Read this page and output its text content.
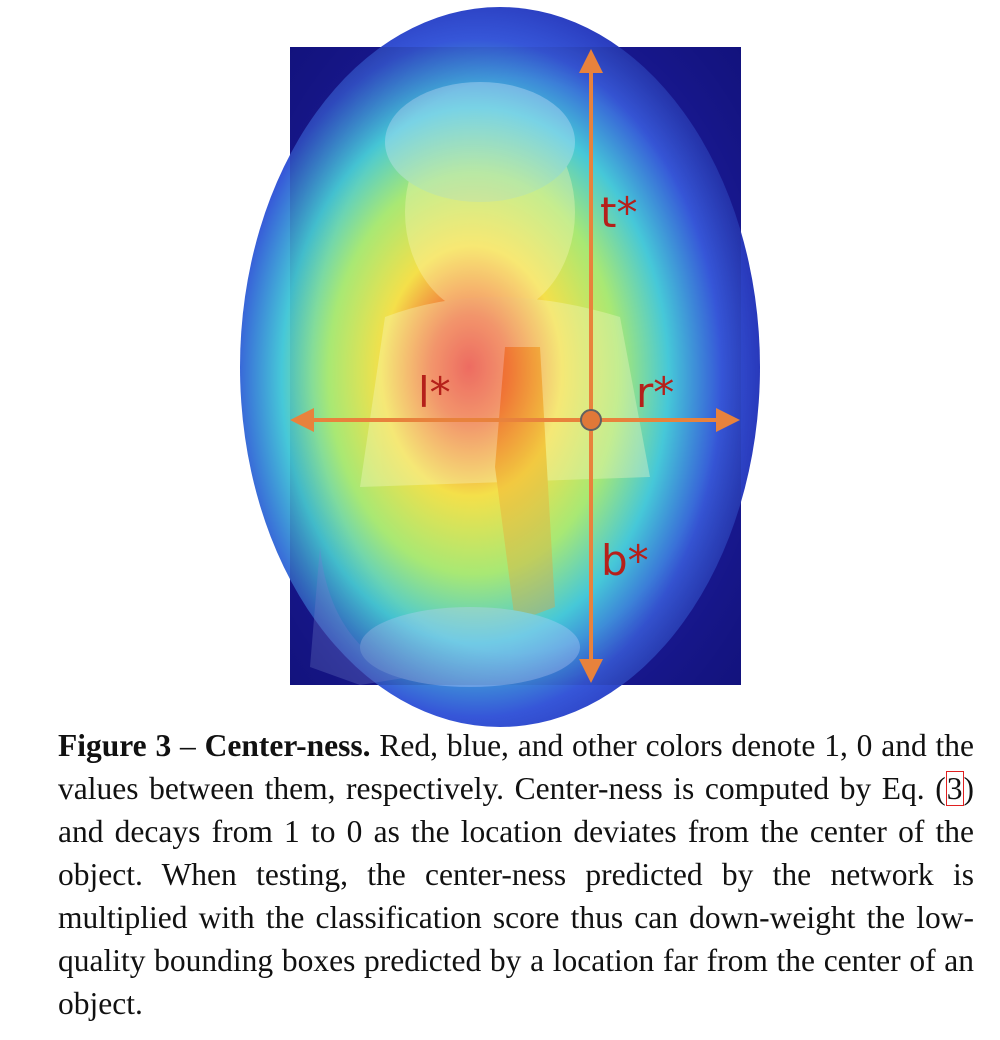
t*
l*	r*
b*

Figure 3 – Center-ness. Red, blue, and other colors denote 1, 0 and the values between them, respectively. Center-ness is computed by Eq. (3) and decays from 1 to 0 as the location deviates from the center of the object. When testing, the center-ness predicted by the network is multiplied with the classification score thus can down-weight the low-quality bounding boxes predicted by a location far from the center of an object.
